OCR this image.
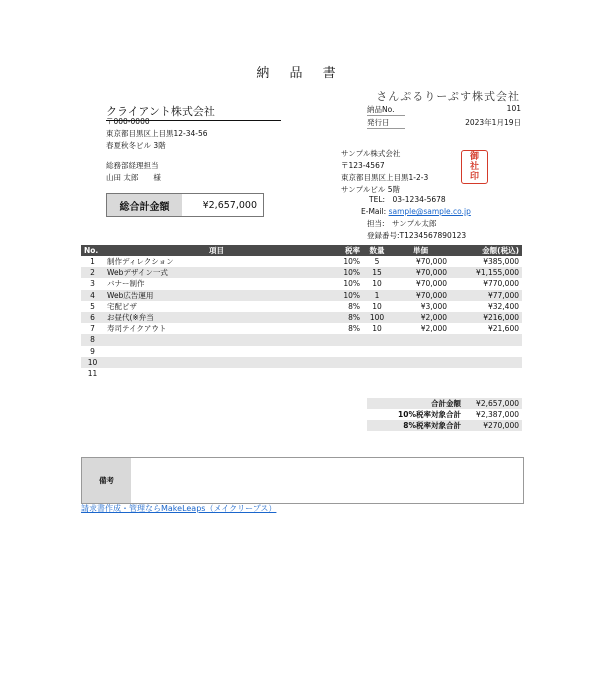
納 品 書
さんぷるりーぷす株式会社
クライアント株式会社
〒000-0000
東京都目黒区上目黒12-34-56
春夏秋冬ビル 3階
総務部経理担当
山田 太郎　　様
納品No.	101
発行日	2023年1月19日
総合計金額	¥2,657,000
サンプル株式会社
〒123-4567
東京都目黒区上目黒1-2-3
サンプルビル 5階
TEL:　03-1234-5678
E-Mail: sample@sample.co.jp
担当:　サンプル太郎
登録番号:T1234567890123
御
社
印
No.	項目	税率	数量	単価	金額(税込)
1	制作ディレクション	10%	5	¥70,000	¥385,000
2	Webデザイン一式	10%	15	¥70,000	¥1,155,000
3	バナー制作	10%	10	¥70,000	¥770,000
4	Web広告運用	10%	1	¥70,000	¥77,000
5	宅配ピザ	8%	10	¥3,000	¥32,400
6	お昼代(※弁当	8%	100	¥2,000	¥216,000
7	寿司テイクアウト	8%	10	¥2,000	¥21,600
8					
9					
10					
11					
合計金額	¥2,657,000
10%税率対象合計	¥2,387,000
8%税率対象合計	¥270,000
備考
請求書作成・管理ならMakeLeaps（メイクリープス）
